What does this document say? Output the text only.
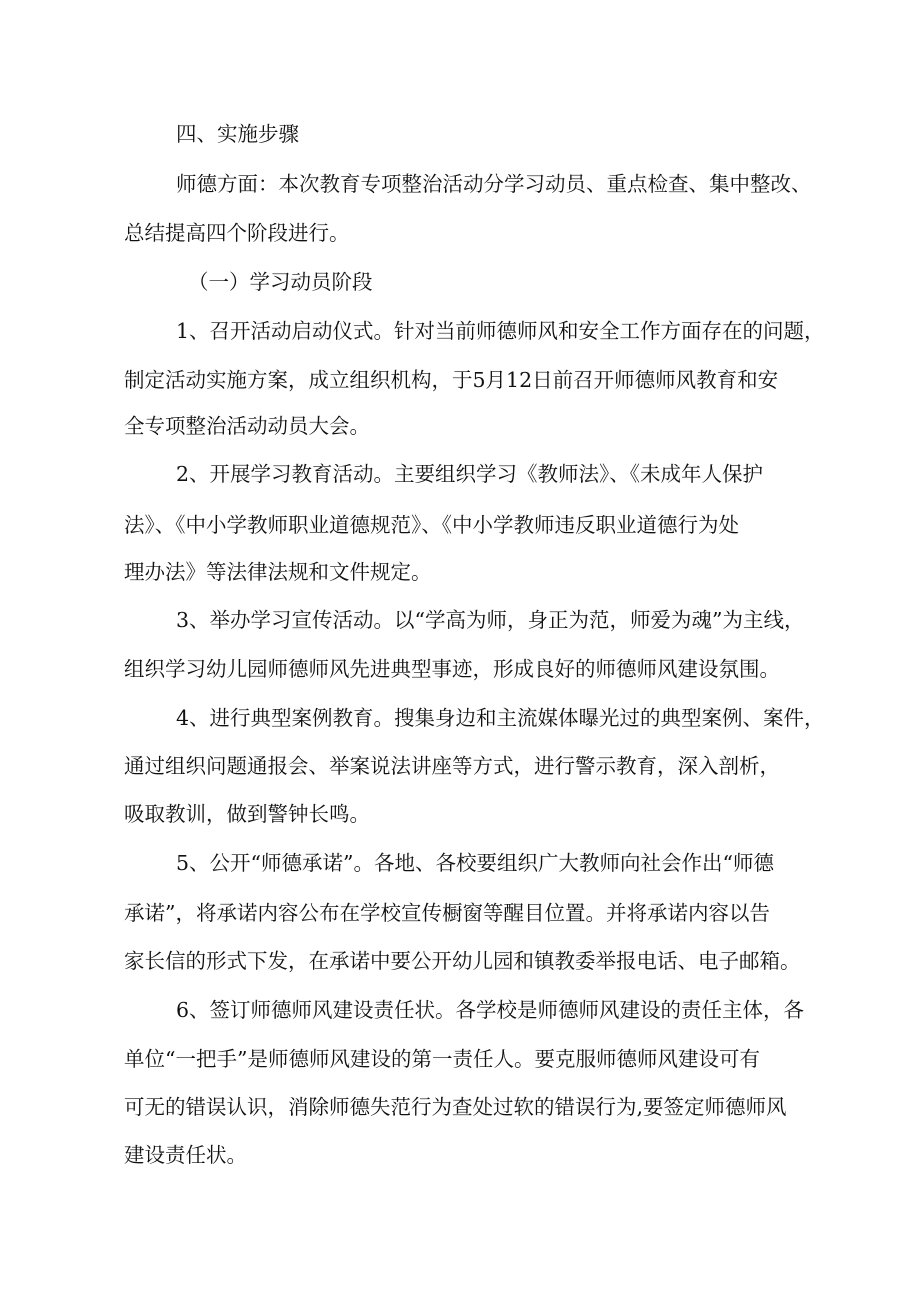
四、实施步骤
师德方面：本次教育专项整治活动分学习动员、重点检查、集中整改、
总结提高四个阶段进行。
（一）学习动员阶段
1、召开活动启动仪式。针对当前师德师风和安全工作方面存在的问题，
制定活动实施方案，成立组织机构，于5月12日前召开师德师风教育和安
全专项整治活动动员大会。
2、开展学习教育活动。主要组织学习《教师法》、《未成年人保护
法》、《中小学教师职业道德规范》、《中小学教师违反职业道德行为处
理办法》等法律法规和文件规定。
3、举办学习宣传活动。以“学高为师，身正为范，师爱为魂”为主线，
组织学习幼儿园师德师风先进典型事迹，形成良好的师德师风建设氛围。
4、进行典型案例教育。搜集身边和主流媒体曝光过的典型案例、案件，
通过组织问题通报会、举案说法讲座等方式，进行警示教育，深入剖析，
吸取教训，做到警钟长鸣。
5、公开“师德承诺”。各地、各校要组织广大教师向社会作出“师德
承诺”，将承诺内容公布在学校宣传橱窗等醒目位置。并将承诺内容以告
家长信的形式下发，在承诺中要公开幼儿园和镇教委举报电话、电子邮箱。
6、签订师德师风建设责任状。各学校是师德师风建设的责任主体，各
单位“一把手”是师德师风建设的第一责任人。要克服师德师风建设可有
可无的错误认识，消除师德失范行为查处过软的错误行为,要签定师德师风
建设责任状。
